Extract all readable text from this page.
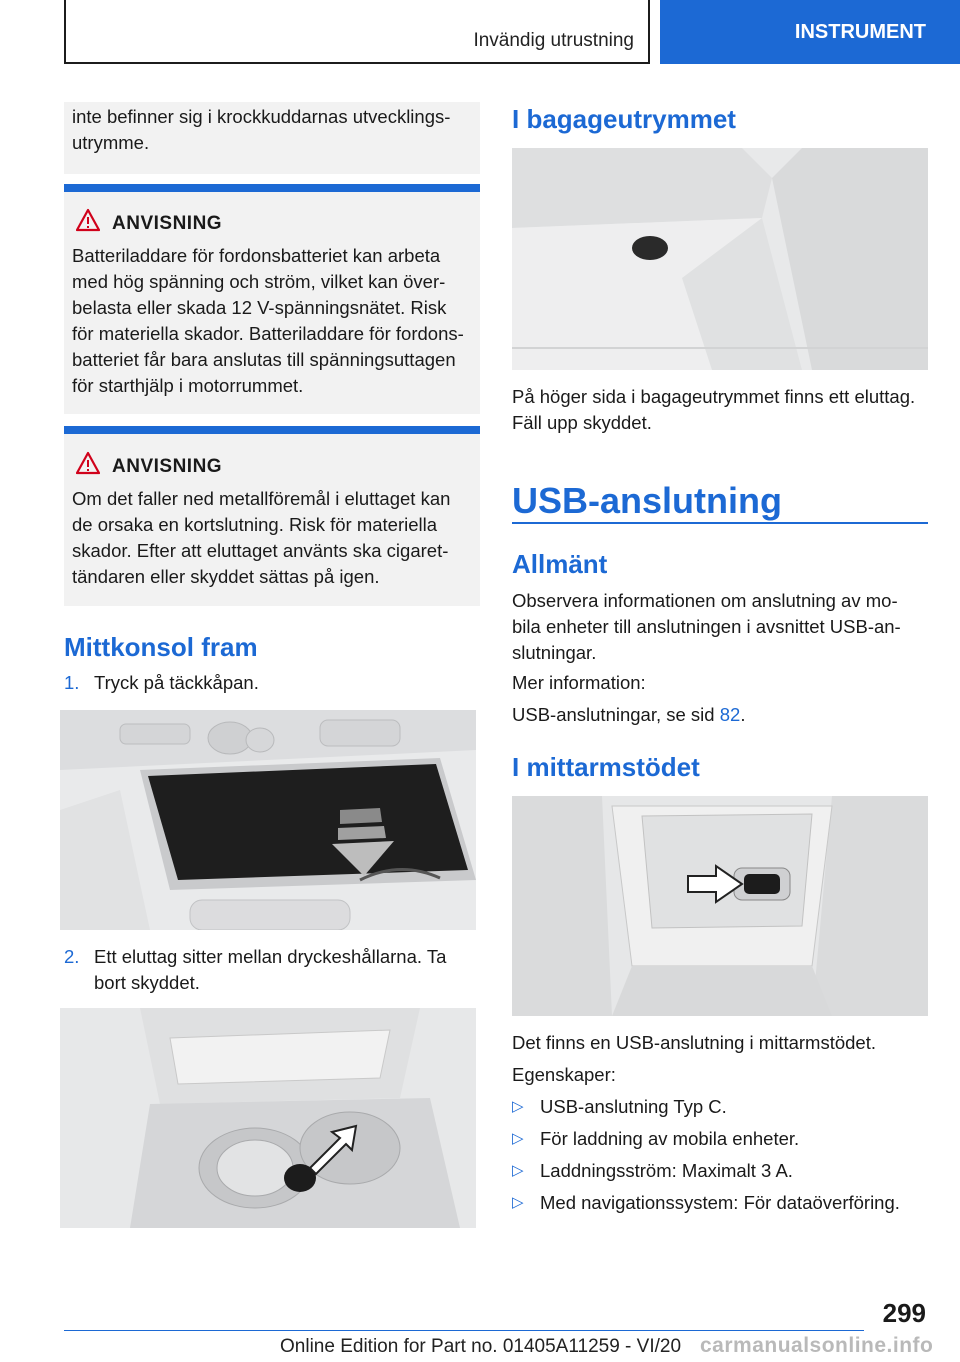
Invändig utrustning	INSTRUMENT
inte befinner sig i krockkuddarnas utvecklings-
utrymme.
ANVISNING
Batteriladdare för fordonsbatteriet kan arbeta
med hög spänning och ström, vilket kan över-
belasta eller skada 12 V-spänningsnätet. Risk
för materiella skador. Batteriladdare för fordons-
batteriet får bara anslutas till spänningsuttagen
för starthjälp i motorrummet.
ANVISNING
Om det faller ned metallföremål i eluttaget kan
de orsaka en kortslutning. Risk för materiella
skador. Efter att eluttaget använts ska cigaret-
tändaren eller skyddet sättas på igen.
Mittkonsol fram
1. Tryck på täckkåpan.
2. Ett eluttag sitter mellan dryckeshållarna. Ta
bort skyddet.
I bagageutrymmet
På höger sida i bagageutrymmet finns ett eluttag.
Fäll upp skyddet.
USB-anslutning
Allmänt
Observera informationen om anslutning av mo-
bila enheter till anslutningen i avsnittet USB-an-
slutningar.
Mer information:
USB-anslutningar, se sid 82.
I mittarmstödet
Det finns en USB-anslutning i mittarmstödet.
Egenskaper:
▷ USB-anslutning Typ C.
▷ För laddning av mobila enheter.
▷ Laddningsström: Maximalt 3 A.
▷ Med navigationssystem: För dataöverföring.
299
Online Edition for Part no. 01405A11259 - VI/20 carmanualsonline.info
